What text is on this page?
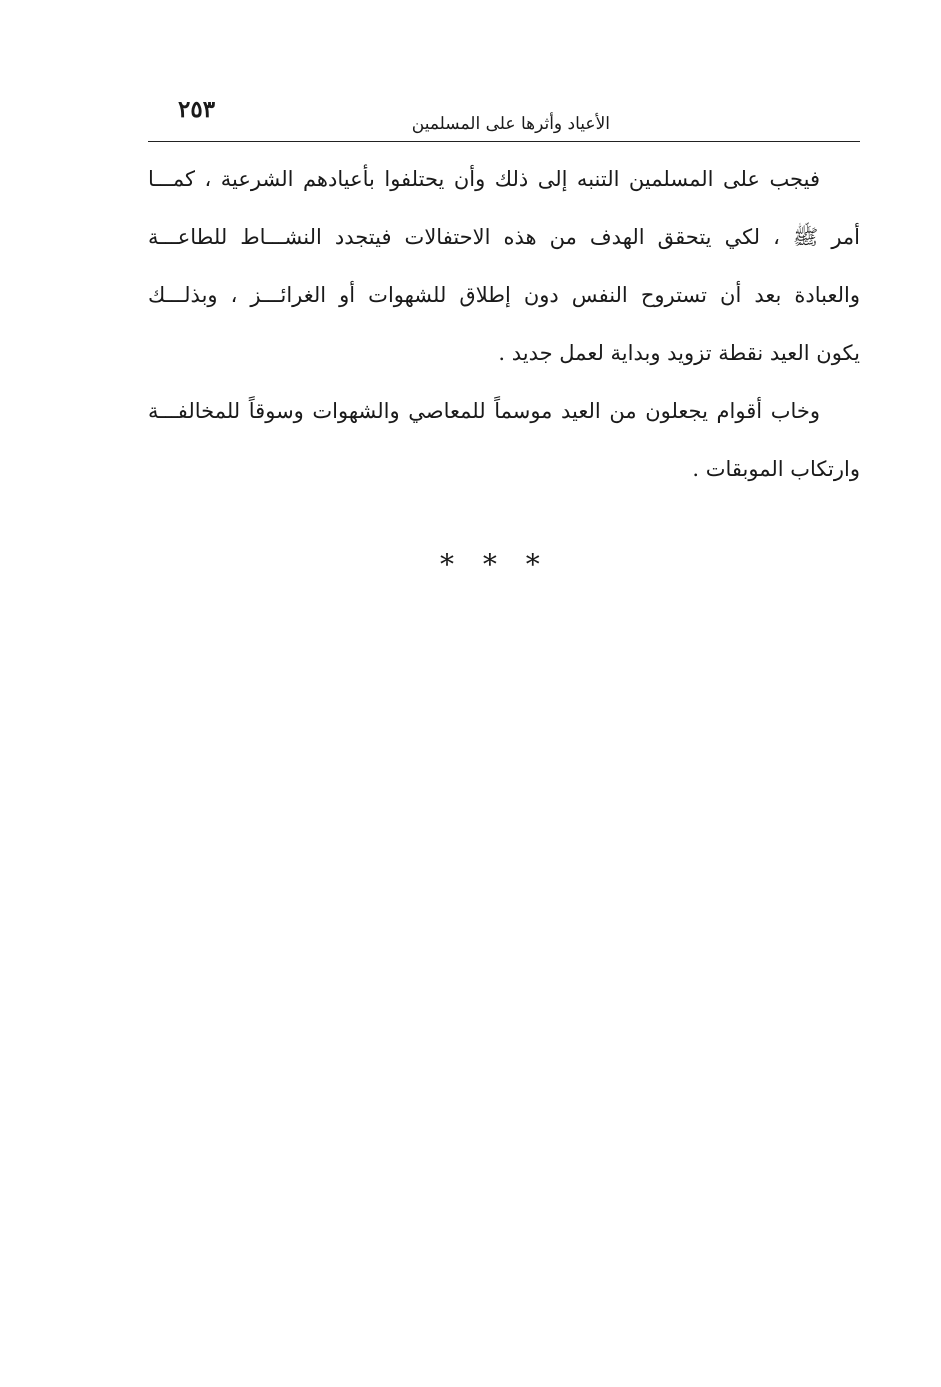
الأعياد وأثرها على المسلمين
٢٥٣
فيجب على المسلمين التنبه إلى ذلك وأن يحتلفوا بأعيادهم الشرعية ، كمـــا
أمر ﷺ ، لكي يتحقق الهدف من هذه الاحتفالات فيتجدد النشـــاط للطاعـــة
والعبادة بعد أن تستروح النفس دون إطلاق للشهوات أو الغرائـــز ، وبذلـــك
يكون العيد نقطة تزويد وبداية لعمل جديد .
وخاب أقوام يجعلون من العيد موسماً للمعاصي والشهوات وسوقاً للمخالفـــة
وارتكاب الموبقات .
* * *
